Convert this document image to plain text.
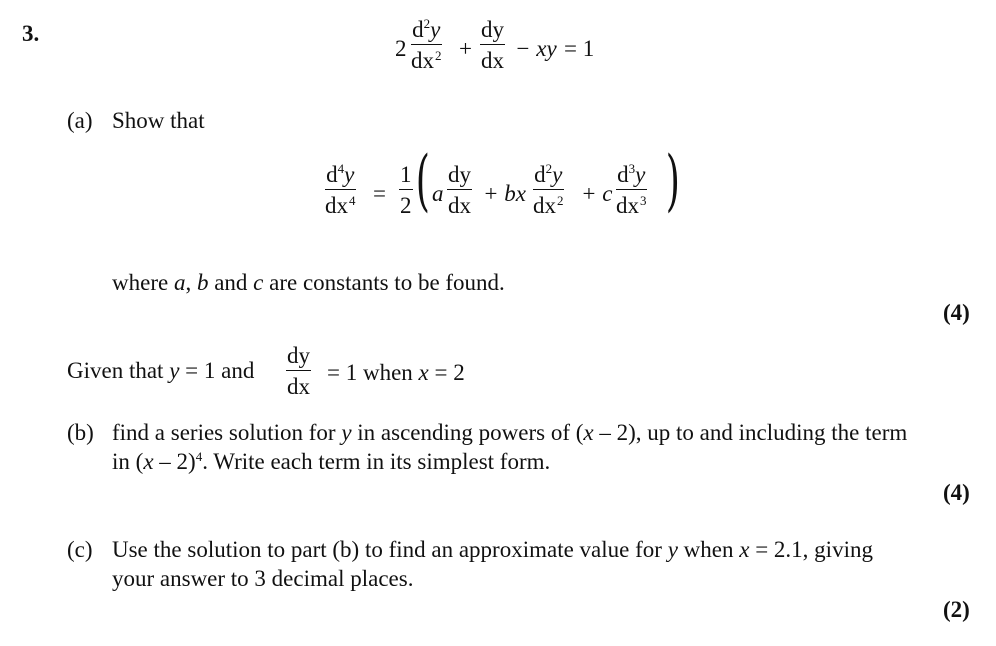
3.
$2 \frac{d^2y}{dx^2} + \frac{dy}{dx}$ − xy = 1
(a) Show that
$\frac{d^4y}{dx^4} = \frac{1}{2}$ ( a $\frac{dy}{dx}$ + bx $\frac{d^2y}{dx^2} + c \frac{d^3y}{dx^3}$ )
where a, b and c are constants to be found.
(4)
Given that y = 1 and $\frac{dy}{dx} = 1$ when x = 2
(b) find a series solution for y in ascending powers of (x – 2), up to and including the term
in (x – 2)$^4$. Write each term in its simplest form.
(4)
(c) Use the solution to part (b) to find an approximate value for y when x = 2.1, giving
your answer to 3 decimal places.
(2)
